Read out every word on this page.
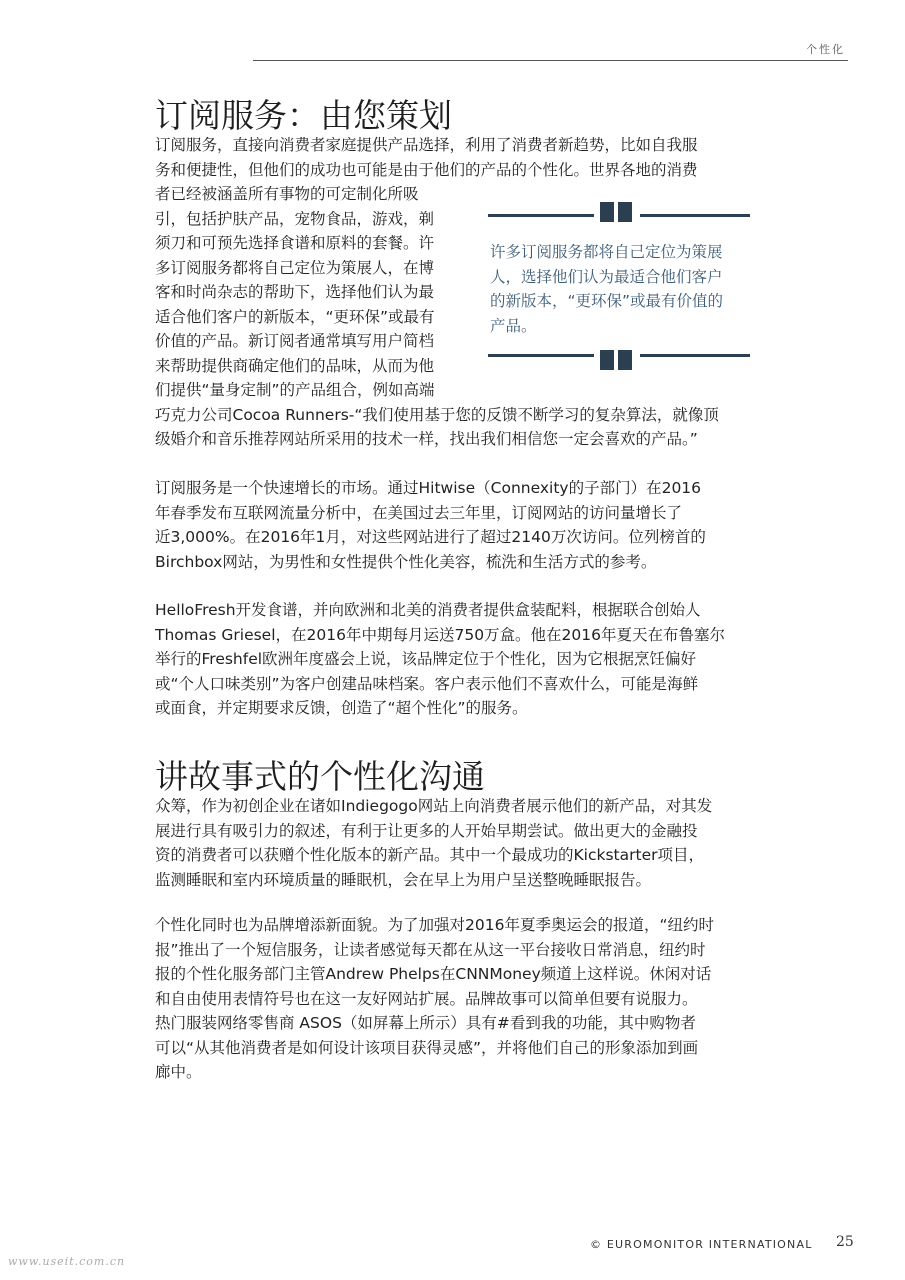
个性化
订阅服务：由您策划

订阅服务，直接向消费者家庭提供产品选择，利用了消费者新趋势，比如自我服

务和便捷性，但他们的成功也可能是由于他们的产品的个性化。世界各地的消费

者已经被涵盖所有事物的可定制化所吸

引，包括护肤产品，宠物食品，游戏，剃

须刀和可预先选择食谱和原料的套餐。许

多订阅服务都将自己定位为策展人，在博

客和时尚杂志的帮助下，选择他们认为最

适合他们客户的新版本，“更环保”或最有

价值的产品。新订阅者通常填写用户简档

来帮助提供商确定他们的品味，从而为他

们提供“量身定制”的产品组合，例如高端

巧克力公司Cocoa Runners-“我们使用基于您的反馈不断学习的复杂算法，就像顶

级婚介和音乐推荐网站所采用的技术一样，找出我们相信您一定会喜欢的产品。”

许多订阅服务都将自己定位为策展

人，选择他们认为最适合他们客户

的新版本，“更环保”或最有价值的

产品。

订阅服务是一个快速增长的市场。通过Hitwise（Connexity的子部门）在2016

年春季发布互联网流量分析中，在美国过去三年里，订阅网站的访问量增长了

近3,000%。在2016年1月，对这些网站进行了超过2140万次访问。位列榜首的

Birchbox网站，为男性和女性提供个性化美容，梳洗和生活方式的参考。

HelloFresh开发食谱，并向欧洲和北美的消费者提供盒装配料，根据联合创始人

Thomas Griesel，在2016年中期每月运送750万盒。他在2016年夏天在布鲁塞尔

举行的Freshfel欧洲年度盛会上说，该品牌定位于个性化，因为它根据烹饪偏好

或“个人口味类别”为客户创建品味档案。客户表示他们不喜欢什么，可能是海鲜

或面食，并定期要求反馈，创造了“超个性化”的服务。

讲故事式的个性化沟通

众筹，作为初创企业在诸如Indiegogo网站上向消费者展示他们的新产品，对其发

展进行具有吸引力的叙述，有利于让更多的人开始早期尝试。做出更大的金融投

资的消费者可以获赠个性化版本的新产品。其中一个最成功的Kickstarter项目，

监测睡眠和室内环境质量的睡眠机，会在早上为用户呈送整晚睡眠报告。

个性化同时也为品牌增添新面貌。为了加强对2016年夏季奥运会的报道，“纽约时

报”推出了一个短信服务，让读者感觉每天都在从这一平台接收日常消息，纽约时

报的个性化服务部门主管Andrew Phelps在CNNMoney频道上这样说。休闲对话

和自由使用表情符号也在这一友好网站扩展。品牌故事可以简单但要有说服力。

热门服装网络零售商 ASOS（如屏幕上所示）具有#看到我的功能，其中购物者

可以“从其他消费者是如何设计该项目获得灵感”，并将他们自己的形象添加到画

廊中。

© EUROMONITOR INTERNATIONAL 25
www.useit.com.cn
